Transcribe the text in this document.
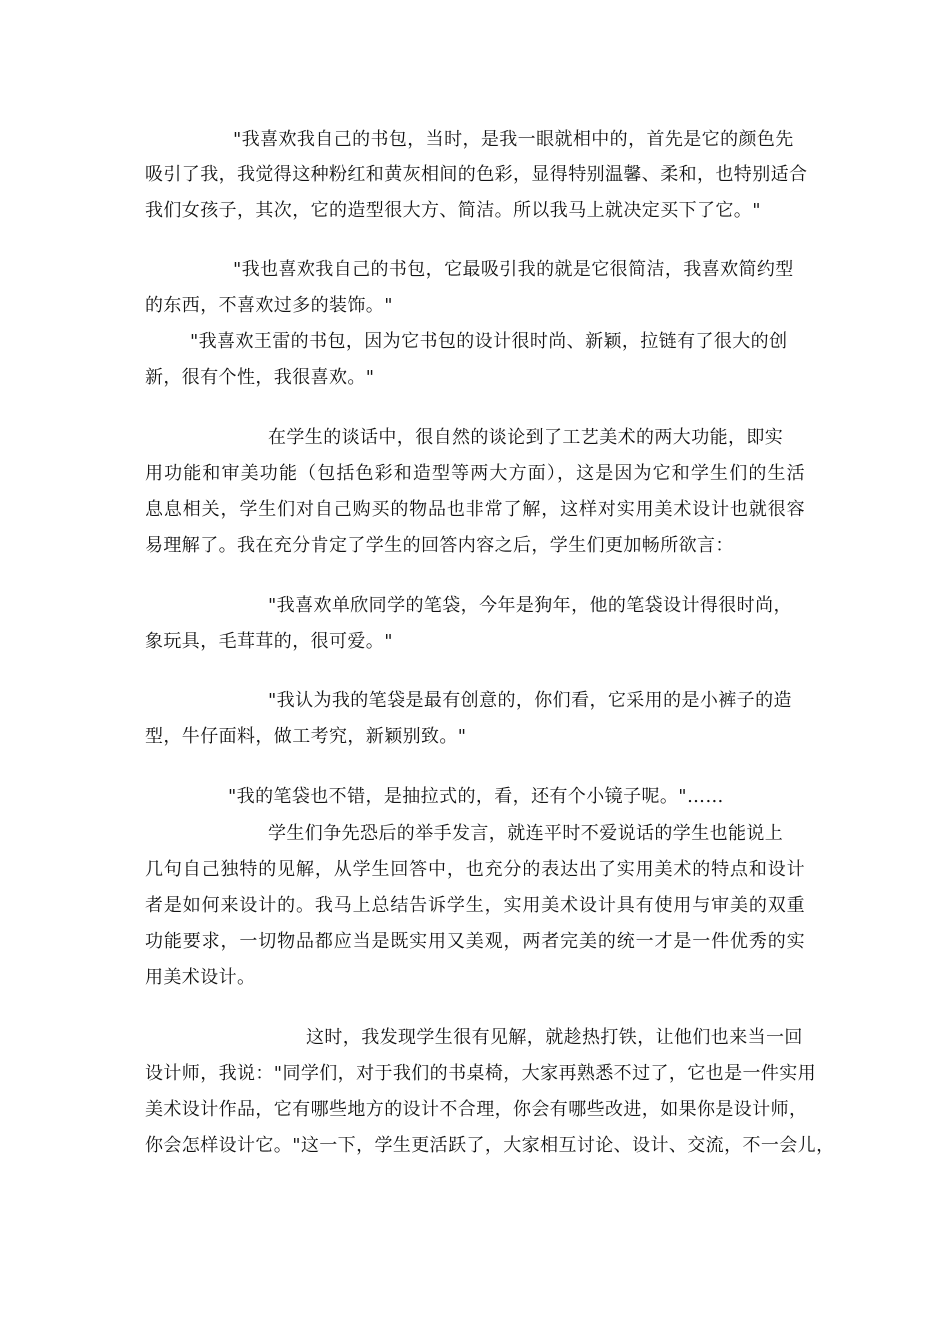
"我喜欢我自己的书包，当时，是我一眼就相中的，首先是它的颜色先
吸引了我，我觉得这种粉红和黄灰相间的色彩，显得特别温馨、柔和，也特别适合
我们女孩子，其次，它的造型很大方、简洁。所以我马上就决定买下了它。"
"我也喜欢我自己的书包，它最吸引我的就是它很简洁，我喜欢简约型
的东西，不喜欢过多的装饰。"
"我喜欢王雷的书包，因为它书包的设计很时尚、新颖，拉链有了很大的创
新，很有个性，我很喜欢。"
在学生的谈话中，很自然的谈论到了工艺美术的两大功能，即实
用功能和审美功能（包括色彩和造型等两大方面），这是因为它和学生们的生活
息息相关，学生们对自己购买的物品也非常了解，这样对实用美术设计也就很容
易理解了。我在充分肯定了学生的回答内容之后，学生们更加畅所欲言：
"我喜欢单欣同学的笔袋，今年是狗年，他的笔袋设计得很时尚，
象玩具，毛茸茸的，很可爱。"
"我认为我的笔袋是最有创意的，你们看，它采用的是小裤子的造
型，牛仔面料，做工考究，新颖别致。"
"我的笔袋也不错，是抽拉式的，看，还有个小镜子呢。"……
学生们争先恐后的举手发言，就连平时不爱说话的学生也能说上
几句自己独特的见解，从学生回答中，也充分的表达出了实用美术的特点和设计
者是如何来设计的。我马上总结告诉学生，实用美术设计具有使用与审美的双重
功能要求，一切物品都应当是既实用又美观，两者完美的统一才是一件优秀的实
用美术设计。
这时，我发现学生很有见解，就趁热打铁，让他们也来当一回
设计师，我说："同学们，对于我们的书桌椅，大家再熟悉不过了，它也是一件实用
美术设计作品，它有哪些地方的设计不合理，你会有哪些改进，如果你是设计师，
你会怎样设计它。"这一下，学生更活跃了，大家相互讨论、设计、交流，不一会儿，
